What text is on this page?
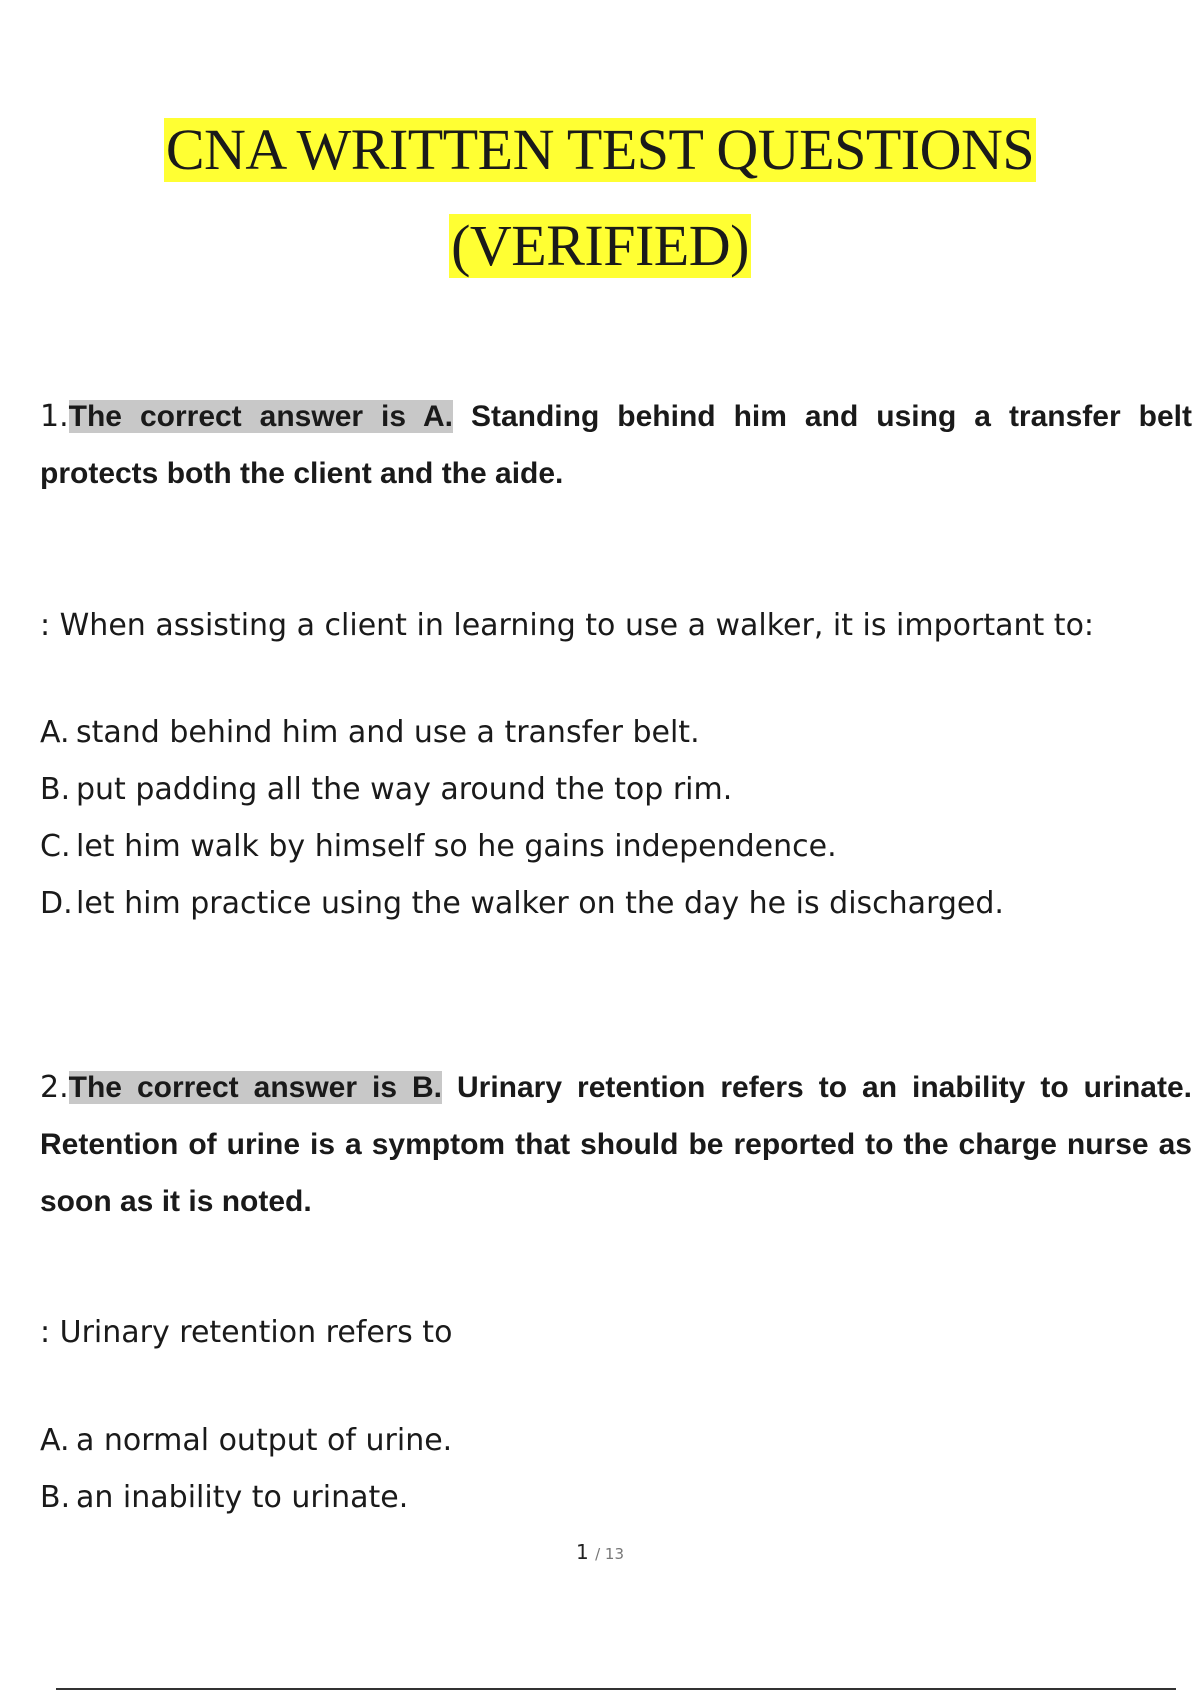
CNA WRITTEN TEST QUESTIONS
(VERIFIED)
1.The correct answer is A. Standing behind him and using a transfer belt protects both the client and the aide.
: When assisting a client in learning to use a walker, it is important to:
A. stand behind him and use a transfer belt.
B. put padding all the way around the top rim.
C. let him walk by himself so he gains independence.
D. let him practice using the walker on the day he is discharged.
2.The correct answer is B. Urinary retention refers to an inability to urinate. Retention of urine is a symptom that should be reported to the charge nurse as soon as it is noted.
: Urinary retention refers to
A. a normal output of urine.
B. an inability to urinate.
1 / 13
